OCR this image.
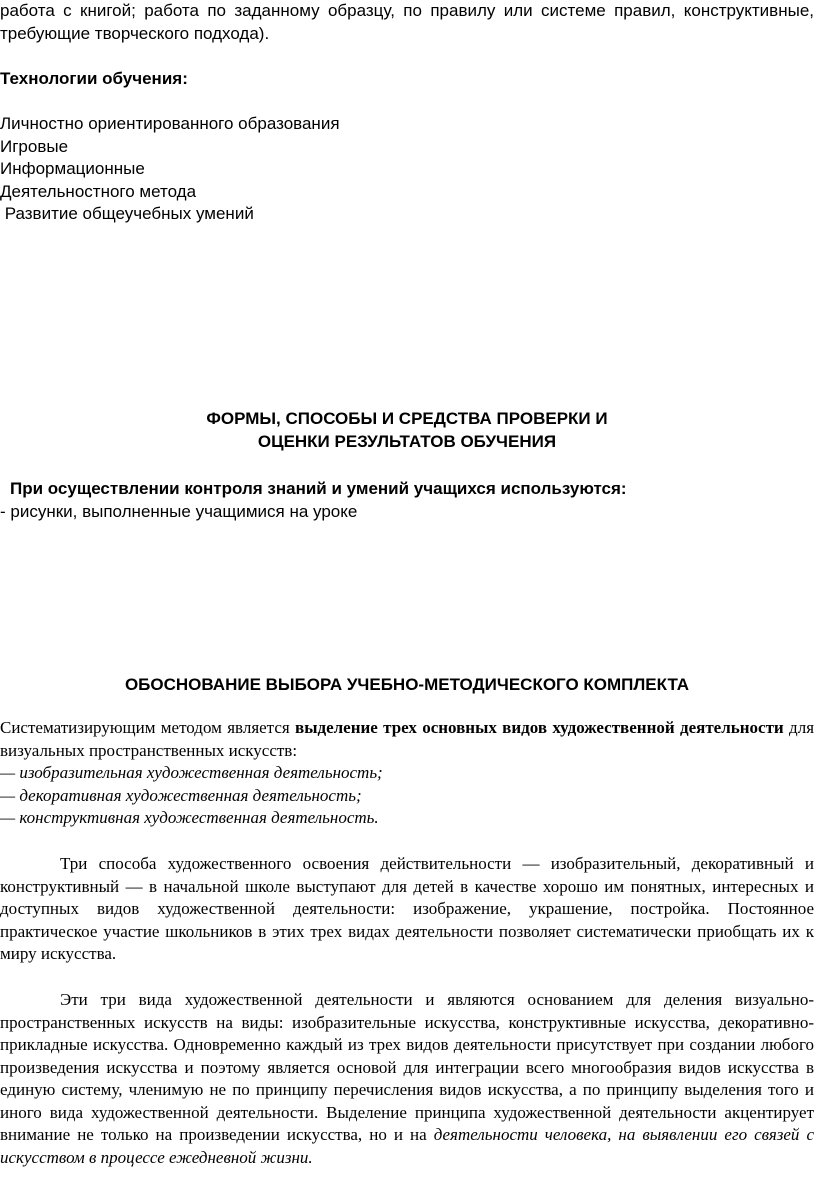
работа с книгой; работа по заданному образцу, по правилу или системе правил, конструктивные, требующие творческого подхода).

Технологии обучения:

Личностно ориентированного образования
Игровые
Информационные
Деятельностного метода
Развитие общеучебных умений
ФОРМЫ, СПОСОБЫ И СРЕДСТВА ПРОВЕРКИ И
ОЦЕНКИ РЕЗУЛЬТАТОВ ОБУЧЕНИЯ

При осуществлении контроля знаний и умений учащихся используются:

- рисунки, выполненные учащимися на уроке

ОБОСНОВАНИЕ ВЫБОРА УЧЕБНО-МЕТОДИЧЕСКОГО КОМПЛЕКТА

Систематизирующим методом является выделение трех основных видов художественной деятельности для визуальных пространственных искусств:

— изобразительная художественная деятельность;
— декоративная художественная деятельность;
— конструктивная художественная деятельность.

Три способа художественного освоения действительности — изобразительный, декоративный и конструктивный — в начальной школе выступают для детей в качестве хорошо им понятных, интересных и доступных видов художественной деятельности: изображение, украшение, постройка. Постоянное практическое участие школьников в этих трех видах деятельности позволяет систематически приобщать их к миру искусства.

Эти три вида художественной деятельности и являются основанием для деления визуально-пространственных искусств на виды: изобразительные искусства, конструктивные искусства, декоративно-прикладные искусства. Одновременно каждый из трех видов деятельности присутствует при создании любого произведения искусства и поэтому является основой для интеграции всего многообразия видов искусства в единую систему, членимую не по принципу перечисления видов искусства, а по принципу выделения того и иного вида художественной деятельности. Выделение принципа художественной деятельности акцентирует внимание не только на произведении искусства, но и на деятельности человека, на выявлении его связей с искусством в процессе ежедневной жизни.
